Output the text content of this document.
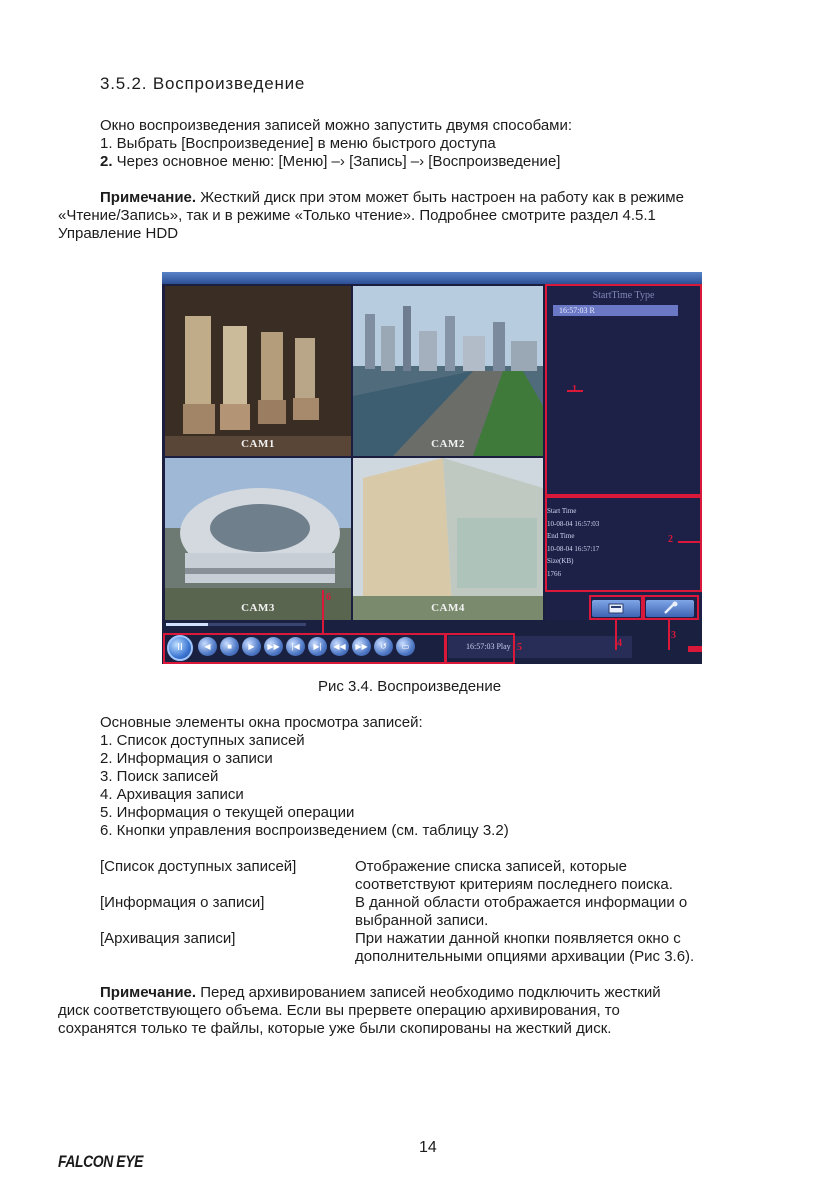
3.5.2. Воспроизведение
Окно воспроизведения записей можно запустить двумя способами:
1. Выбрать [Воспроизведение] в меню быстрого доступа
2. Через основное меню: [Меню] –› [Запись] –› [Воспроизведение]
Примечание. Жесткий диск при этом может быть настроен на работу как в режиме
«Чтение/Запись», так и в режиме «Только чтение». Подробнее смотрите раздел 4.5.1
Управление HDD
CAM1	CAM2
CAM3	CAM4
StartTime Type
16:57:03 R
Start Time
10-08-04 16:57:03
End Time
10-08-04 16:57:17
Size(KB)
1766
II	◀	■	▶	▶▶	|◀	▶|	◀◀	▶▶	↺	▭	16:57:03 Play
1
2
4
3
5
6
Рис 3.4. Воспроизведение
Основные элементы окна просмотра записей:
1. Список доступных записей
2. Информация о записи
3. Поиск записей
4. Архивация записи
5. Информация о текущей операции
6. Кнопки управления воспроизведением (см. таблицу 3.2)
[Список доступных записей]	Отображение списка записей, которые
соответствуют критериям последнего поиска.
[Информация о записи]	В данной области отображается информации о
выбранной записи.
[Архивация записи]	При нажатии данной кнопки появляется окно с
дополнительными опциями архивации (Рис 3.6).
Примечание. Перед архивированием записей необходимо подключить жесткий
диск соответствующего объема. Если вы прервете операцию архивирования, то
сохранятся только те файлы, которые уже были скопированы на жесткий диск.
14
FALCON EYE
